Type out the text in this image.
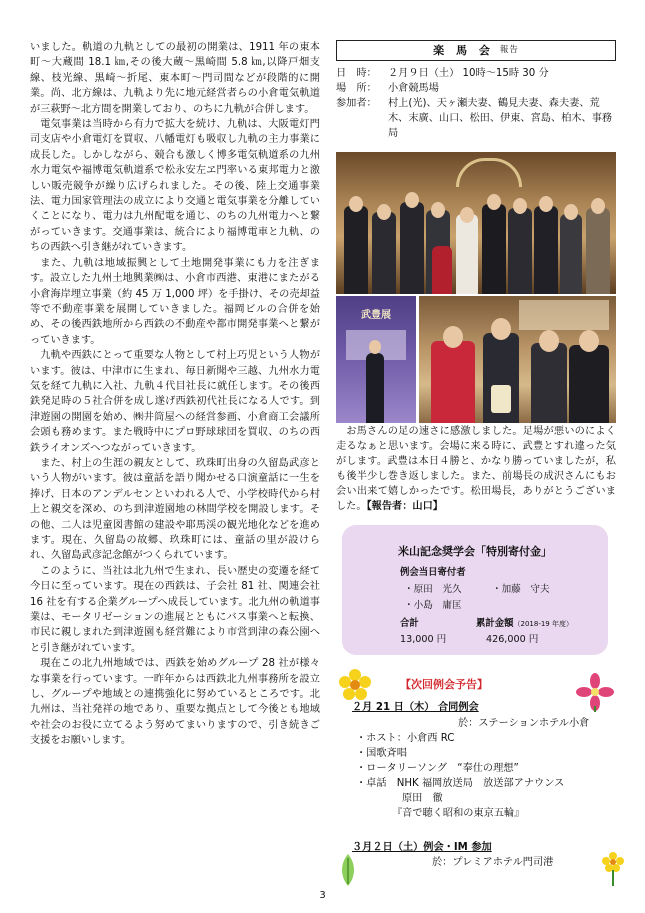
いました。軌道の九軌としての最初の開業は、1911 年の東本町〜大蔵間 18.1 ㎞,その後大蔵〜黒崎間 5.8 ㎞,以降戸畑支線、枝光線、黒崎〜折尾、東本町〜門司間などが段階的に開業。尚、北方線は、九軌より先に地元経営者らの小倉電気軌道が三萩野〜北方間を開業しており、のちに九軌が合併します。

電気事業は当時から有力で拡大を続け、九軌は、大阪電灯門司支店や小倉電灯を買収、八幡電灯も吸収し九軌の主力事業に成長した。しかしながら、競合も激しく博多電気軌道系の九州水力電気や福博電気軌道系で松永安左ヱ門率いる東邦電力と激しい販売競争が繰り広げられました。その後、陸上交通事業法、電力国家管理法の成立により交通と電気事業を分離していくことになり、電力は九州配電を通じ、のちの九州電力へと繋がっていきます。交通事業は、統合により福博電車と九軌、のちの西鉄へ引き継がれていきます。

また、九軌は地域振興として土地開発事業にも力を注ぎます。設立した九州土地興業㈱は、小倉市西港、東港にまたがる小倉海岸埋立事業（約 45 万 1,000 坪）を手掛け、その売却益等で不動産事業を展開していきました。福岡ビルの合併を始め、その後西鉄地所から西鉄の不動産や都市開発事業へと繋がっていきます。

九軌や西鉄にとって重要な人物として村上巧児という人物がいます。彼は、中津市に生まれ、毎日新聞や三越、九州水力電気を経て九軌に入社、九軌４代目社長に就任します。その後西鉄発足時の５社合併を成し遂げ西鉄初代社長になる人です。到津遊園の開園を始め、㈱井筒屋への経営参画、小倉商工会議所会頭も務めます。また戦時中にプロ野球球団を買収、のちの西鉄ライオンズへつながっていきます。

また、村上の生涯の親友として、玖珠町出身の久留島武彦という人物がいます。彼は童話を語り聞かせる口演童話に一生を捧げ、日本のアンデルセンといわれる人で、小学校時代から村上と親交を深め、のち到津遊園地の林間学校を開設します。その他、二人は児童図書館の建設や耶馬渓の観光地化などを進めます。現在、久留島の故郷、玖珠町には、童話の里が設けられ、久留島武彦記念館がつくられています。

このように、当社は北九州で生まれ、長い歴史の変遷を経て今日に至っています。現在の西鉄は、子会社 81 社、関連会社 16 社を有する企業グループへ成長しています。北九州の軌道事業は、モータリゼーションの進展とともにバス事業へと転換、市民に親しまれた到津遊園も経営難により市営到津の森公園へと引き継がれています。

現在この北九州地域では、西鉄を始めグループ 28 社が様々な事業を行っています。一昨年からは西鉄北九州事務所を設立し、グループや地域との連携強化に努めているところです。北九州は、当社発祥の地であり、重要な拠点として今後とも地域や社会のお役に立てるよう努めてまいりますので、引き続きご支援をお願いします。

楽 馬 会 報告
日　時：	２月９日（土） 10時〜15時 30 分
場　所：	小倉競馬場
参加者：	村上(光)、天ヶ瀬夫妻、鶴見夫妻、森夫妻、荒木、末廣、山口、松田、伊東、宮島、柏木、事務局
武豊展
お馬さんの足の速さに感激しました。足場が悪いのによく走るなぁと思います。会場に来る時に、武豊とすれ違った気がします。武豊は本日４勝と、かなり勝っていましたが，私も後半少し巻き返しました。また、前場長の成沢さんにもお会い出来て嬉しかったです。松田場長，ありがとうございました。【報告者：山口】
米山記念奨学会「特別寄付金」
例会当日寄付者
・原田　光久	・加藤　守夫
・小島　庸匡
合計	累計金額（2018-19 年度）
13,000 円	426,000 円
【次回例会予告】
２月 21 日（木） 合同例会
於：ステーションホテル小倉
・ホスト：小倉西 RC
・国歌斉唱
・ロータリーソング　“奉仕の理想”
・卓話　NHK 福岡放送局　放送部アナウンス
原田　徹
『音で聴く昭和の東京五輪』
３月２日（土）例会・IM 参加
於：プレミアホテル門司港
3
